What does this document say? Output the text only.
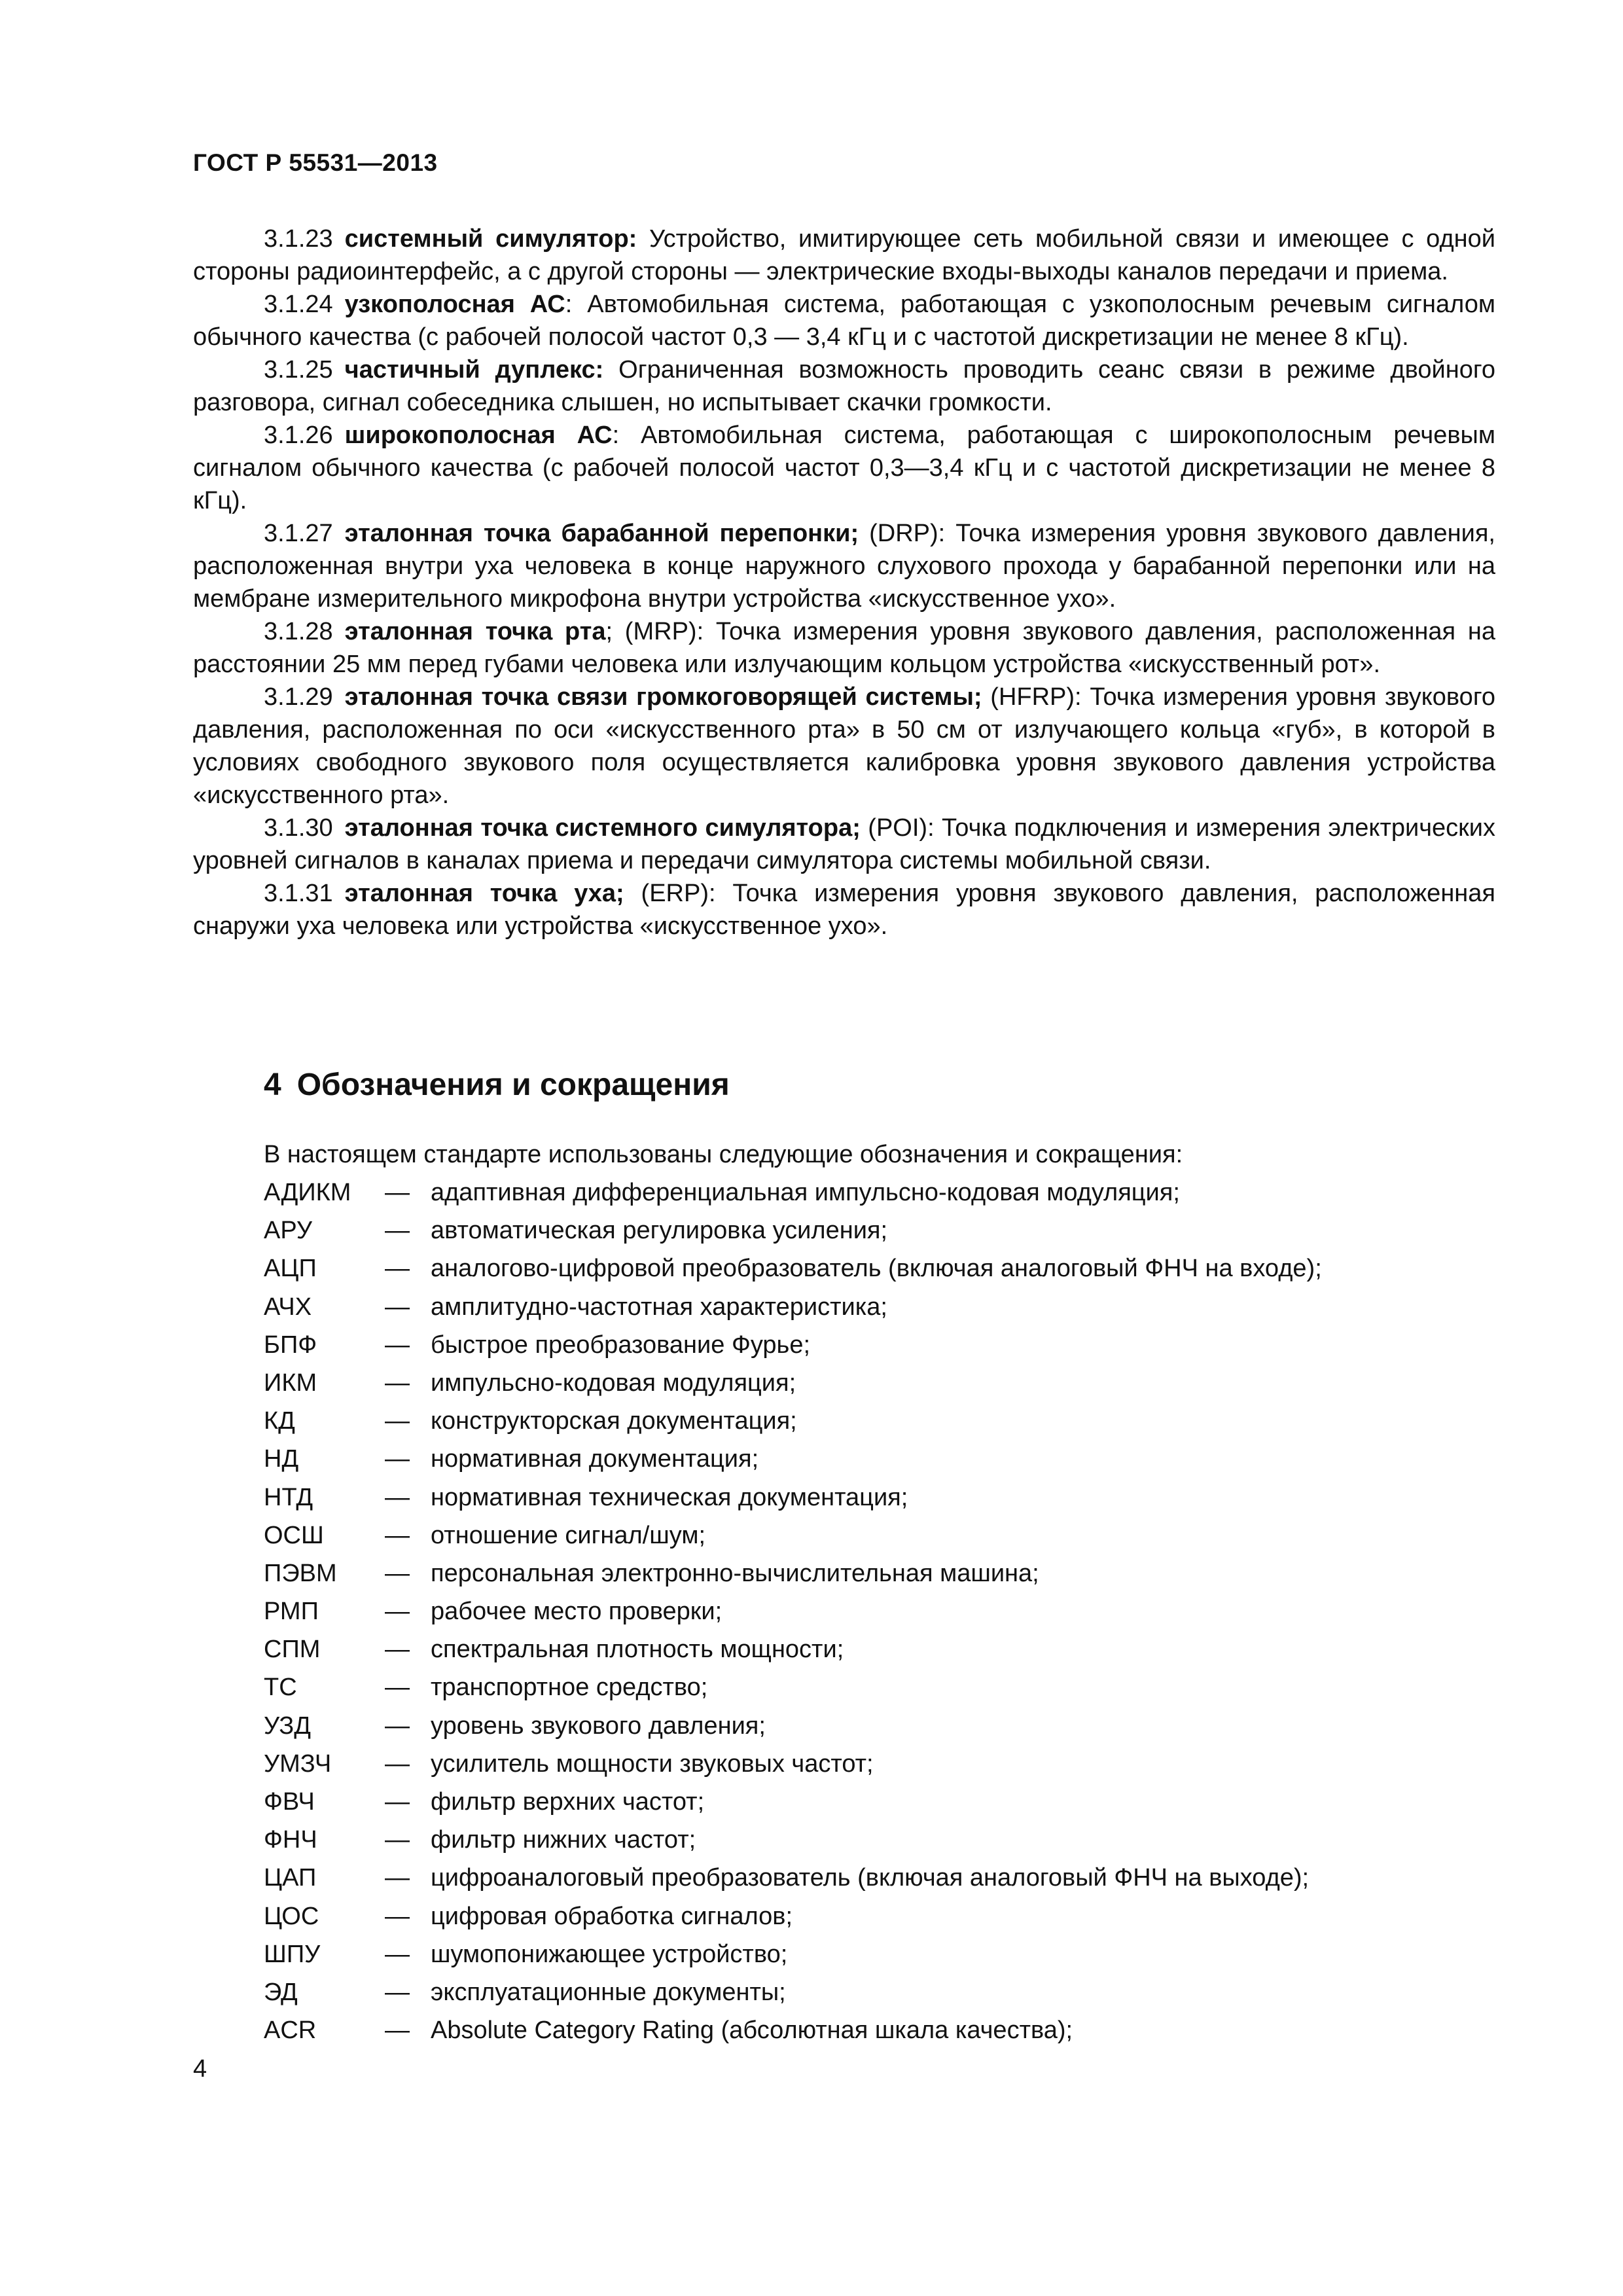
ГОСТ Р 55531—2013

3.1.23 системный симулятор: Устройство, имитирующее сеть мобильной связи и имеющее с одной стороны радиоинтерфейс, а с другой стороны — электрические входы-выходы каналов передачи и приема.

3.1.24 узкополосная АС: Автомобильная система, работающая с узкополосным речевым сигналом обычного качества (с рабочей полосой частот 0,3 — 3,4 кГц и с частотой дискретизации не менее 8 кГц).

3.1.25 частичный дуплекс: Ограниченная возможность проводить сеанс связи в режиме двойного разговора, сигнал собеседника слышен, но испытывает скачки громкости.

3.1.26 широкополосная АС: Автомобильная система, работающая с широкополосным речевым сигналом обычного качества (с рабочей полосой частот 0,3—3,4 кГц и с частотой дискретизации не менее 8 кГц).

3.1.27 эталонная точка барабанной перепонки; (DRP): Точка измерения уровня звукового давления, расположенная внутри уха человека в конце наружного слухового прохода у барабанной перепонки или на мембране измерительного микрофона внутри устройства «искусственное ухо».

3.1.28 эталонная точка рта; (MRP): Точка измерения уровня звукового давления, расположенная на расстоянии 25 мм перед губами человека или излучающим кольцом устройства «искусственный рот».

3.1.29 эталонная точка связи громкоговорящей системы; (HFRP): Точка измерения уровня звукового давления, расположенная по оси «искусственного рта» в 50 см от излучающего кольца «губ», в которой в условиях свободного звукового поля осуществляется калибровка уровня звукового давления устройства «искусственного рта».

3.1.30 эталонная точка системного симулятора; (POI): Точка подключения и измерения электрических уровней сигналов в каналах приема и передачи симулятора системы мобильной связи.

3.1.31 эталонная точка уха; (ERP): Точка измерения уровня звукового давления, расположенная снаружи уха человека или устройства «искусственное ухо».

4 Обозначения и сокращения

В настоящем стандарте использованы следующие обозначения и сокращения:

АДИКМ	— адаптивная дифференциальная импульсно-кодовая модуляция;
АРУ	— автоматическая регулировка усиления;
АЦП	— аналогово-цифровой преобразователь (включая аналоговый ФНЧ на входе);
АЧХ	— амплитудно-частотная характеристика;
БПФ	— быстрое преобразование Фурье;
ИКМ	— импульсно-кодовая модуляция;
КД	— конструкторская документация;
НД	— нормативная документация;
НТД	— нормативная техническая документация;
ОСШ	— отношение сигнал/шум;
ПЭВМ	— персональная электронно-вычислительная машина;
РМП	— рабочее место проверки;
СПМ	— спектральная плотность мощности;
ТС	— транспортное средство;
УЗД	— уровень звукового давления;
УМЗЧ	— усилитель мощности звуковых частот;
ФВЧ	— фильтр верхних частот;
ФНЧ	— фильтр нижних частот;
ЦАП	— цифроаналоговый преобразователь (включая аналоговый ФНЧ на выходе);
ЦОС	— цифровая обработка сигналов;
ШПУ	— шумопонижающее устройство;
ЭД	— эксплуатационные документы;
ACR	— Absolute Category Rating (абсолютная шкала качества);
4
